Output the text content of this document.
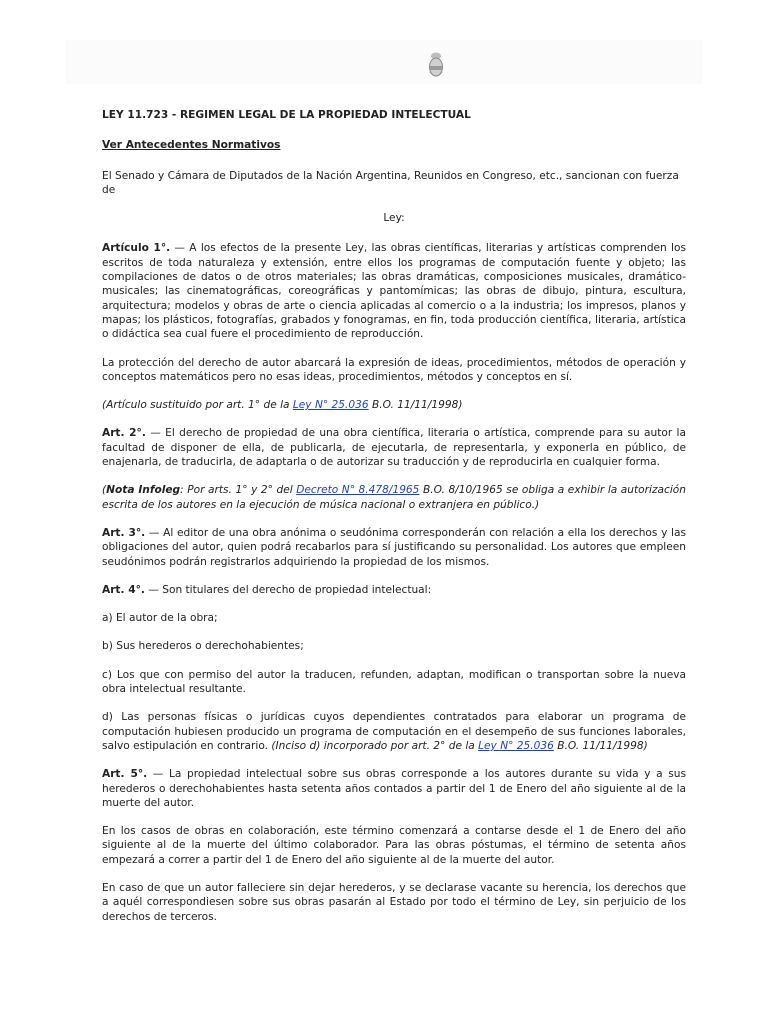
LEY 11.723 - REGIMEN LEGAL DE LA PROPIEDAD INTELECTUAL

Ver Antecedentes Normativos

El Senado y Cámara de Diputados de la Nación Argentina, Reunidos en Congreso, etc., sancionan con fuerza de

Ley:

Artículo 1°. — A los efectos de la presente Ley, las obras científicas, literarias y artísticas comprenden los escritos de toda naturaleza y extensión, entre ellos los programas de computación fuente y objeto; las compilaciones de datos o de otros materiales; las obras dramáticas, composiciones musicales, dramático-musicales; las cinematográficas, coreográficas y pantomímicas; las obras de dibujo, pintura, escultura, arquitectura; modelos y obras de arte o ciencia aplicadas al comercio o a la industria; los impresos, planos y mapas; los plásticos, fotografías, grabados y fonogramas, en fin, toda producción científica, literaria, artística o didáctica sea cual fuere el procedimiento de reproducción.

La protección del derecho de autor abarcará la expresión de ideas, procedimientos, métodos de operación y conceptos matemáticos pero no esas ideas, procedimientos, métodos y conceptos en sí.

(Artículo sustituido por art. 1° de la Ley N° 25.036 B.O. 11/11/1998)

Art. 2°. — El derecho de propiedad de una obra científica, literaria o artística, comprende para su autor la facultad de disponer de ella, de publicarla, de ejecutarla, de representarla, y exponerla en público, de enajenarla, de traducirla, de adaptarla o de autorizar su traducción y de reproducirla en cualquier forma.

(Nota Infoleg: Por arts. 1° y 2° del Decreto N° 8.478/1965 B.O. 8/10/1965 se obliga a exhibir la autorización escrita de los autores en la ejecución de música nacional o extranjera en público.)

Art. 3°. — Al editor de una obra anónima o seudónima corresponderán con relación a ella los derechos y las obligaciones del autor, quien podrá recabarlos para sí justificando su personalidad. Los autores que empleen seudónimos podrán registrarlos adquiriendo la propiedad de los mismos.

Art. 4°. — Son titulares del derecho de propiedad intelectual:

a) El autor de la obra;

b) Sus herederos o derechohabientes;

c) Los que con permiso del autor la traducen, refunden, adaptan, modifican o transportan sobre la nueva obra intelectual resultante.

d) Las personas físicas o jurídicas cuyos dependientes contratados para elaborar un programa de computación hubiesen producido un programa de computación en el desempeño de sus funciones laborales, salvo estipulación en contrario. (Inciso d) incorporado por art. 2° de la Ley N° 25.036 B.O. 11/11/1998)

Art. 5°. — La propiedad intelectual sobre sus obras corresponde a los autores durante su vida y a sus herederos o derechohabientes hasta setenta años contados a partir del 1 de Enero del año siguiente al de la muerte del autor.

En los casos de obras en colaboración, este término comenzará a contarse desde el 1 de Enero del año siguiente al de la muerte del último colaborador. Para las obras póstumas, el término de setenta años empezará a correr a partir del 1 de Enero del año siguiente al de la muerte del autor.

En caso de que un autor falleciere sin dejar herederos, y se declarase vacante su herencia, los derechos que a aquél correspondiesen sobre sus obras pasarán al Estado por todo el término de Ley, sin perjuicio de los derechos de terceros.
